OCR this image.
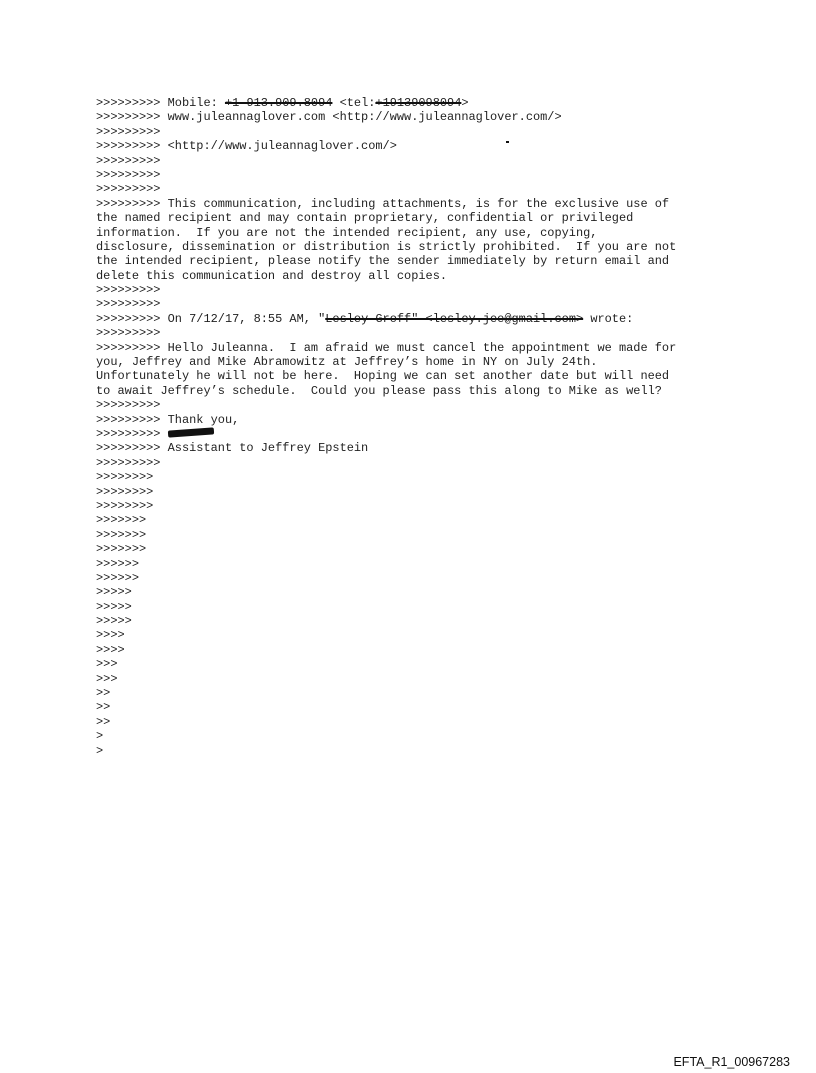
>>>>>>>>> Mobile: +1 913.909.8094 <tel:+19139098094>
>>>>>>>>> www.juleannaglover.com <http://www.juleannaglover.com/>
>>>>>>>>>
>>>>>>>>> <http://www.juleannaglover.com/>
>>>>>>>>>
>>>>>>>>>
>>>>>>>>>
>>>>>>>>> This communication, including attachments, is for the exclusive use of
the named recipient and may contain proprietary, confidential or privileged
information.  If you are not the intended recipient, any use, copying,
disclosure, dissemination or distribution is strictly prohibited.  If you are not
the intended recipient, please notify the sender immediately by return email and
delete this communication and destroy all copies.
>>>>>>>>>
>>>>>>>>>
>>>>>>>>> On 7/12/17, 8:55 AM, "Lesley Groff" <lesley.jee@gmail.com> wrote:
>>>>>>>>>
>>>>>>>>> Hello Juleanna.  I am afraid we must cancel the appointment we made for
you, Jeffrey and Mike Abramowitz at Jeffrey’s home in NY on July 24th.
Unfortunately he will not be here.  Hoping we can set another date but will need
to await Jeffrey’s schedule.  Could you please pass this along to Mike as well?
>>>>>>>>>
>>>>>>>>> Thank you,
>>>>>>>>>
>>>>>>>>> Assistant to Jeffrey Epstein
>>>>>>>>>
>>>>>>>>
>>>>>>>>
>>>>>>>>
>>>>>>>
>>>>>>>
>>>>>>>
>>>>>>
>>>>>>
>>>>>
>>>>>
>>>>>
>>>>
>>>>
>>>
>>>
>>
>>
>>
>
>
EFTA_R1_00967283
